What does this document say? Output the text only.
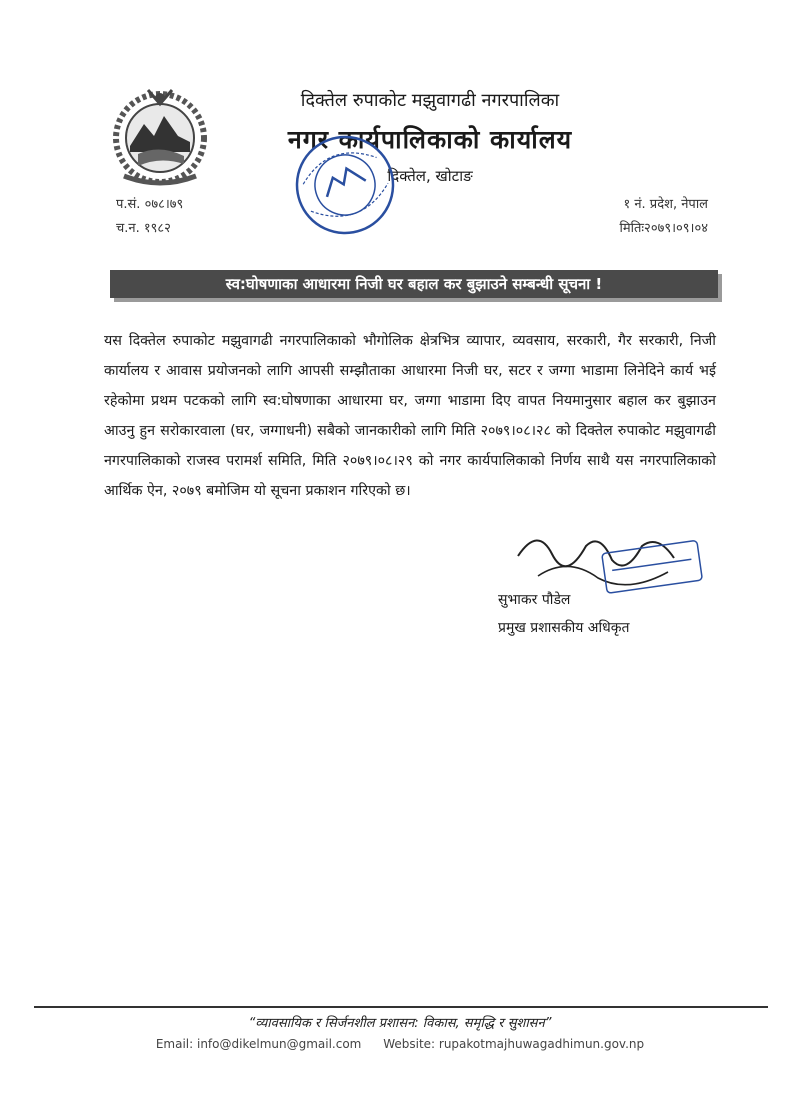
दिक्तेल रुपाकोट मझुवागढी नगरपालिका
नगर कार्यपालिकाको कार्यालय
दिक्तेल, खोटाङ
प.सं. ०७८।७९
च.न. १९८२
१ नं. प्रदेश, नेपाल
मितिः२०७९।०९।०४
स्व:घोषणाका आधारमा निजी घर बहाल कर बुझाउने सम्बन्धी सूचना !
यस दिक्तेल रुपाकोट मझुवागढी नगरपालिकाको भौगोलिक क्षेत्रभित्र व्यापार, व्यवसाय, सरकारी, गैर सरकारी, निजी कार्यालय र आवास प्रयोजनको लागि आपसी सम्झौताका आधारमा निजी घर, सटर र जग्गा भाडामा लिनेदिने कार्य भई रहेकोमा प्रथम पटकको लागि स्व:घोषणाका आधारमा घर, जग्गा भाडामा दिए वापत नियमानुसार बहाल कर बुझाउन आउनु हुन सरोकारवाला (घर, जग्गाधनी) सबैको जानकारीको लागि मिति २०७९।०८।२८ को दिक्तेल रुपाकोट मझुवागढी नगरपालिकाको राजस्व परामर्श समिति, मिति २०७९।०८।२९ को नगर कार्यपालिकाको निर्णय साथै यस नगरपालिकाको आर्थिक ऐन, २०७९ बमोजिम यो सूचना प्रकाशन गरिएको छ।
सुभाकर पौडेल
प्रमुख प्रशासकीय अधिकृत
“व्यावसायिक र सिर्जनशील प्रशासन: विकास, समृद्धि र सुशासन”
Email: info@dikelmun@gmail.com Website: rupakotmajhuwagadhimun.gov.np
